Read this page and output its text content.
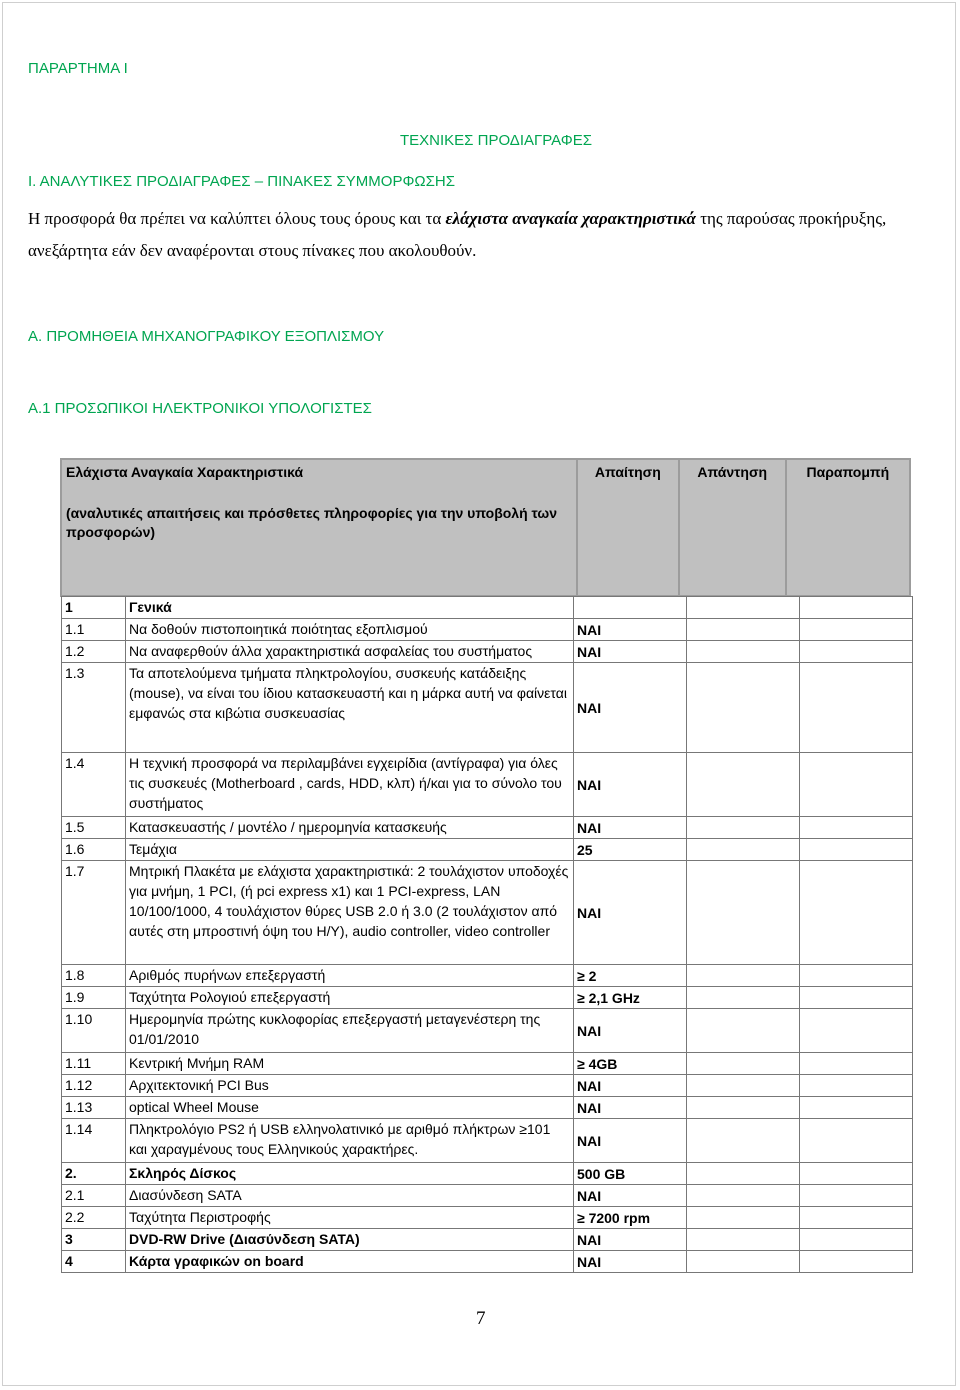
ΠΑΡΑΡΤΗΜΑ Ι
ΤΕΧΝΙΚΕΣ ΠΡΟΔΙΑΓΡΑΦΕΣ
Ι. ΑΝΑΛΥΤΙΚΕΣ ΠΡΟΔΙΑΓΡΑΦΕΣ – ΠΙΝΑΚΕΣ ΣΥΜΜΟΡΦΩΣΗΣ
Η προσφορά θα πρέπει να καλύπτει όλους τους όρους και τα ελάχιστα αναγκαία χαρακτηριστικά της παρούσας προκήρυξης, ανεξάρτητα εάν δεν αναφέρονται στους πίνακες που ακολουθούν.
Α. ΠΡΟΜΗΘΕΙΑ ΜΗΧΑΝΟΓΡΑΦΙΚΟΥ ΕΞΟΠΛΙΣΜΟΥ
Α.1 ΠΡΟΣΩΠΙΚΟΙ ΗΛΕΚΤΡΟΝΙΚΟΙ ΥΠΟΛΟΓΙΣΤΕΣ
Ελάχιστα Αναγκαία Χαρακτηριστικά
(αναλυτικές απαιτήσεις και πρόσθετες πληροφορίες για την υποβολή των προσφορών)
	Απαίτηση	Απάντηση	Παραπομπή
1	Γενικά			
1.1	Να δοθούν πιστοποιητικά ποιότητας εξοπλισμού	ΝΑΙ		
1.2	Να αναφερθούν άλλα χαρακτηριστικά ασφαλείας του συστήματος	ΝΑΙ		
1.3	Τα αποτελούμενα τμήματα πληκτρολογίου, συσκευής κατάδειξης (mouse), να είναι του ίδιου κατασκευαστή και η μάρκα αυτή να φαίνεται εμφανώς στα κιβώτια συσκευασίας	ΝΑΙ		
1.4	Η τεχνική προσφορά να περιλαμβάνει εγχειρίδια (αντίγραφα) για όλες τις συσκευές (Motherboard , cards, HDD, κλπ) ή/και για το σύνολο του συστήματος	ΝΑΙ		
1.5	Κατασκευαστής / μοντέλο / ημερομηνία κατασκευής	ΝΑΙ		
1.6	Τεμάχια	25		
1.7	Μητρική Πλακέτα με ελάχιστα χαρακτηριστικά: 2 τουλάχιστον υποδοχές για μνήμη, 1 PCI, (ή pci express x1) και 1 PCI-express, LAN 10/100/1000, 4 τουλάχιστον θύρες USB 2.0 ή 3.0 (2 τουλάχιστον από αυτές στη μπροστινή όψη του Η/Υ), audio controller, video controller	ΝΑΙ		
1.8	Αριθμός πυρήνων επεξεργαστή	≥ 2		
1.9	Ταχύτητα Ρολογιού επεξεργαστή	≥ 2,1 GHz		
1.10	Ημερομηνία πρώτης κυκλοφορίας επεξεργαστή μεταγενέστερη της 01/01/2010	ΝΑΙ		
1.11	Κεντρική Μνήμη RAM	≥ 4GB		
1.12	Αρχιτεκτονική PCI Bus	ΝΑΙ		
1.13	optical Wheel Mouse	ΝΑΙ		
1.14	Πληκτρολόγιο PS2 ή USB ελληνολατινικό με αριθμό πλήκτρων ≥101 και χαραγμένους τους Ελληνικούς χαρακτήρες.	ΝΑΙ		
2.	Σκληρός Δίσκος	500 GB		
2.1	Διασύνδεση SATA	ΝΑΙ		
2.2	Ταχύτητα Περιστροφής	≥ 7200 rpm		
3	DVD-RW Drive (Διασύνδεση SATA)	ΝΑΙ		
4	Κάρτα γραφικών on board	ΝΑΙ		
7
